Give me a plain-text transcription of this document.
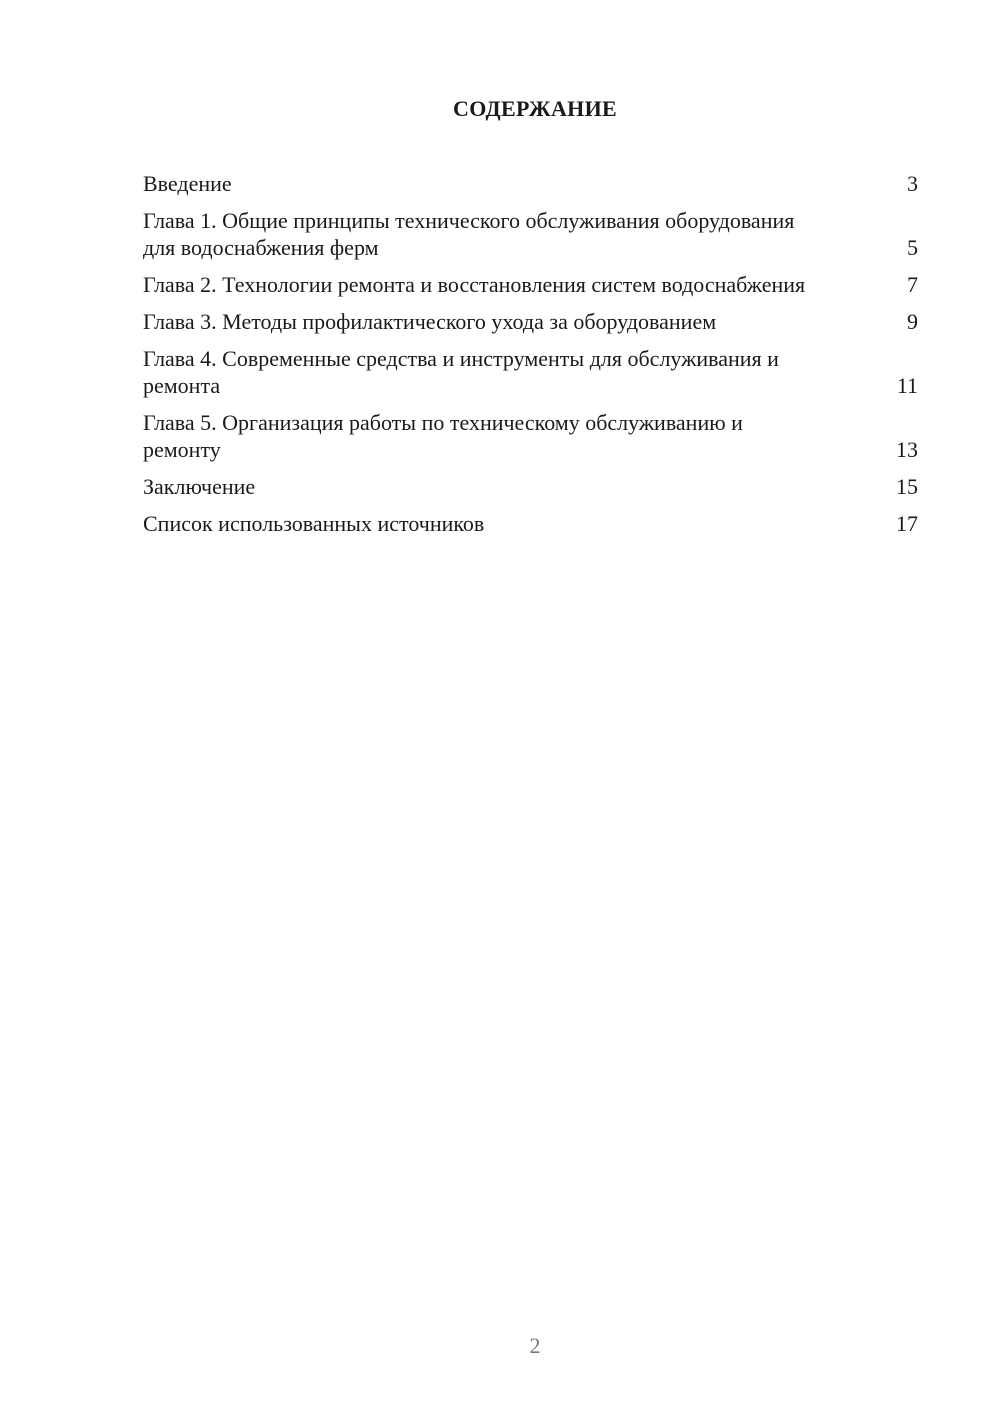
СОДЕРЖАНИЕ
Введение	3
Глава 1. Общие принципы технического обслуживания оборудования для водоснабжения ферм	5
Глава 2. Технологии ремонта и восстановления систем водоснабжения	7
Глава 3. Методы профилактического ухода за оборудованием	9
Глава 4. Современные средства и инструменты для обслуживания и ремонта	11
Глава 5. Организация работы по техническому обслуживанию и ремонту	13
Заключение	15
Список использованных источников	17
2
